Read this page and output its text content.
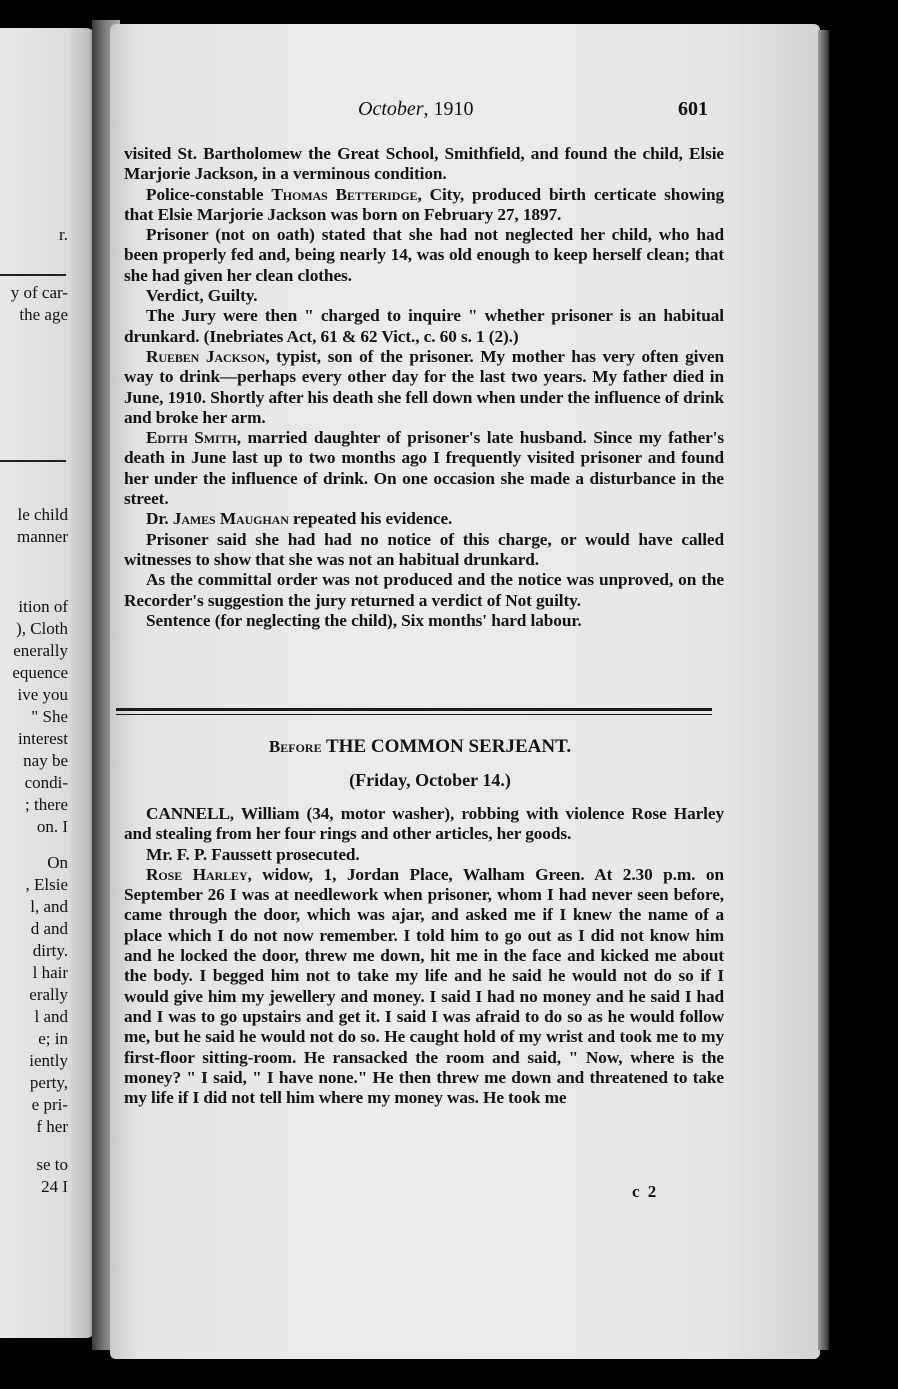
r.
y of car-
the age
le child
manner
ition of
), Cloth
enerally
equence
ive you
" She
interest
nay be
condi-
; there
on. I
On
, Elsie
l, and
d and
dirty.
l hair
erally
l and
e; in
iently
perty,
e pri-
f her
se to
24 I
October, 1910	601

visited St. Bartholomew the Great School, Smithfield, and found the child, Elsie Marjorie Jackson, in a verminous condition.

Police-constable Thomas Betteridge, City, produced birth certicate showing that Elsie Marjorie Jackson was born on February 27, 1897.

Prisoner (not on oath) stated that she had not neglected her child, who had been properly fed and, being nearly 14, was old enough to keep herself clean; that she had given her clean clothes.

Verdict, Guilty.

The Jury were then " charged to inquire " whether prisoner is an habitual drunkard. (Inebriates Act, 61 & 62 Vict., c. 60 s. 1 (2).)

Rueben Jackson, typist, son of the prisoner. My mother has very often given way to drink—perhaps every other day for the last two years. My father died in June, 1910. Shortly after his death she fell down when under the influence of drink and broke her arm.

Edith Smith, married daughter of prisoner's late husband. Since my father's death in June last up to two months ago I frequently visited prisoner and found her under the influence of drink. On one occasion she made a disturbance in the street.

Dr. James Maughan repeated his evidence.

Prisoner said she had had no notice of this charge, or would have called witnesses to show that she was not an habitual drunkard.

As the committal order was not produced and the notice was unproved, on the Recorder's suggestion the jury returned a verdict of Not guilty.

Sentence (for neglecting the child), Six months' hard labour.

Before THE COMMON SERJEANT.
(Friday, October 14.)

CANNELL, William (34, motor washer), robbing with violence Rose Harley and stealing from her four rings and other articles, her goods.

Mr. F. P. Faussett prosecuted.

Rose Harley, widow, 1, Jordan Place, Walham Green. At 2.30 p.m. on September 26 I was at needlework when prisoner, whom I had never seen before, came through the door, which was ajar, and asked me if I knew the name of a place which I do not now remember. I told him to go out as I did not know him and he locked the door, threw me down, hit me in the face and kicked me about the body. I begged him not to take my life and he said he would not do so if I would give him my jewellery and money. I said I had no money and he said I had and I was to go upstairs and get it. I said I was afraid to do so as he would follow me, but he said he would not do so. He caught hold of my wrist and took me to my first-floor sitting-room. He ransacked the room and said, " Now, where is the money? " I said, " I have none." He then threw me down and threatened to take my life if I did not tell him where my money was. He took me

c 2
